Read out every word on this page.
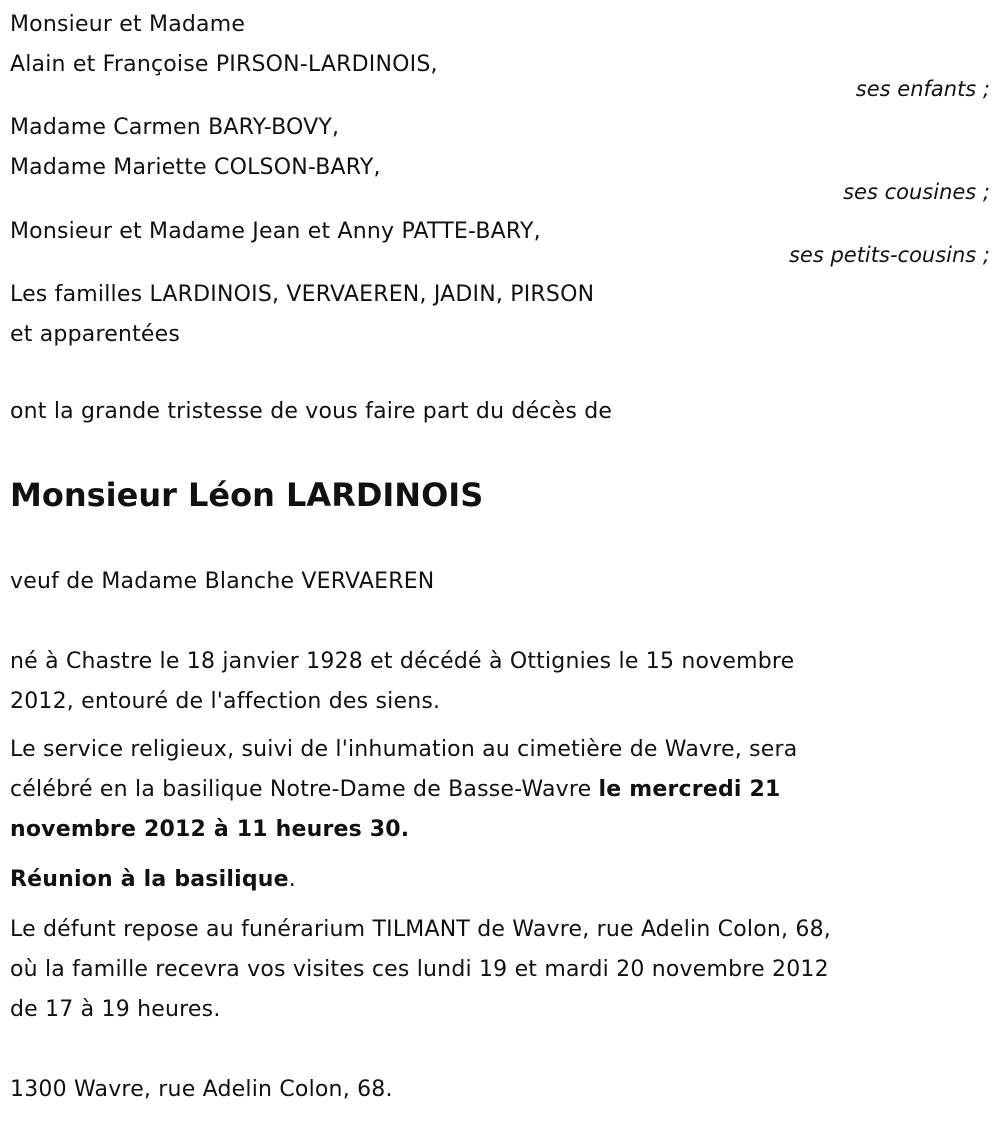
Monsieur et Madame
Alain et Françoise PIRSON-LARDINOIS,
ses enfants ;
Madame Carmen BARY-BOVY,
Madame Mariette COLSON-BARY,
ses cousines ;
Monsieur et Madame Jean et Anny PATTE-BARY,
ses petits-cousins ;
Les familles LARDINOIS, VERVAEREN, JADIN, PIRSON
et apparentées
ont la grande tristesse de vous faire part du décès de
Monsieur Léon LARDINOIS
veuf de Madame Blanche VERVAEREN
né à Chastre le 18 janvier 1928 et décédé à Ottignies le 15 novembre
2012, entouré de l'affection des siens.
Le service religieux, suivi de l'inhumation au cimetière de Wavre, sera
célébré en la basilique Notre-Dame de Basse-Wavre le mercredi 21
novembre 2012 à 11 heures 30.
Réunion à la basilique.
Le défunt repose au funérarium TILMANT de Wavre, rue Adelin Colon, 68,
où la famille recevra vos visites ces lundi 19 et mardi 20 novembre 2012
de 17 à 19 heures.
1300 Wavre, rue Adelin Colon, 68.
